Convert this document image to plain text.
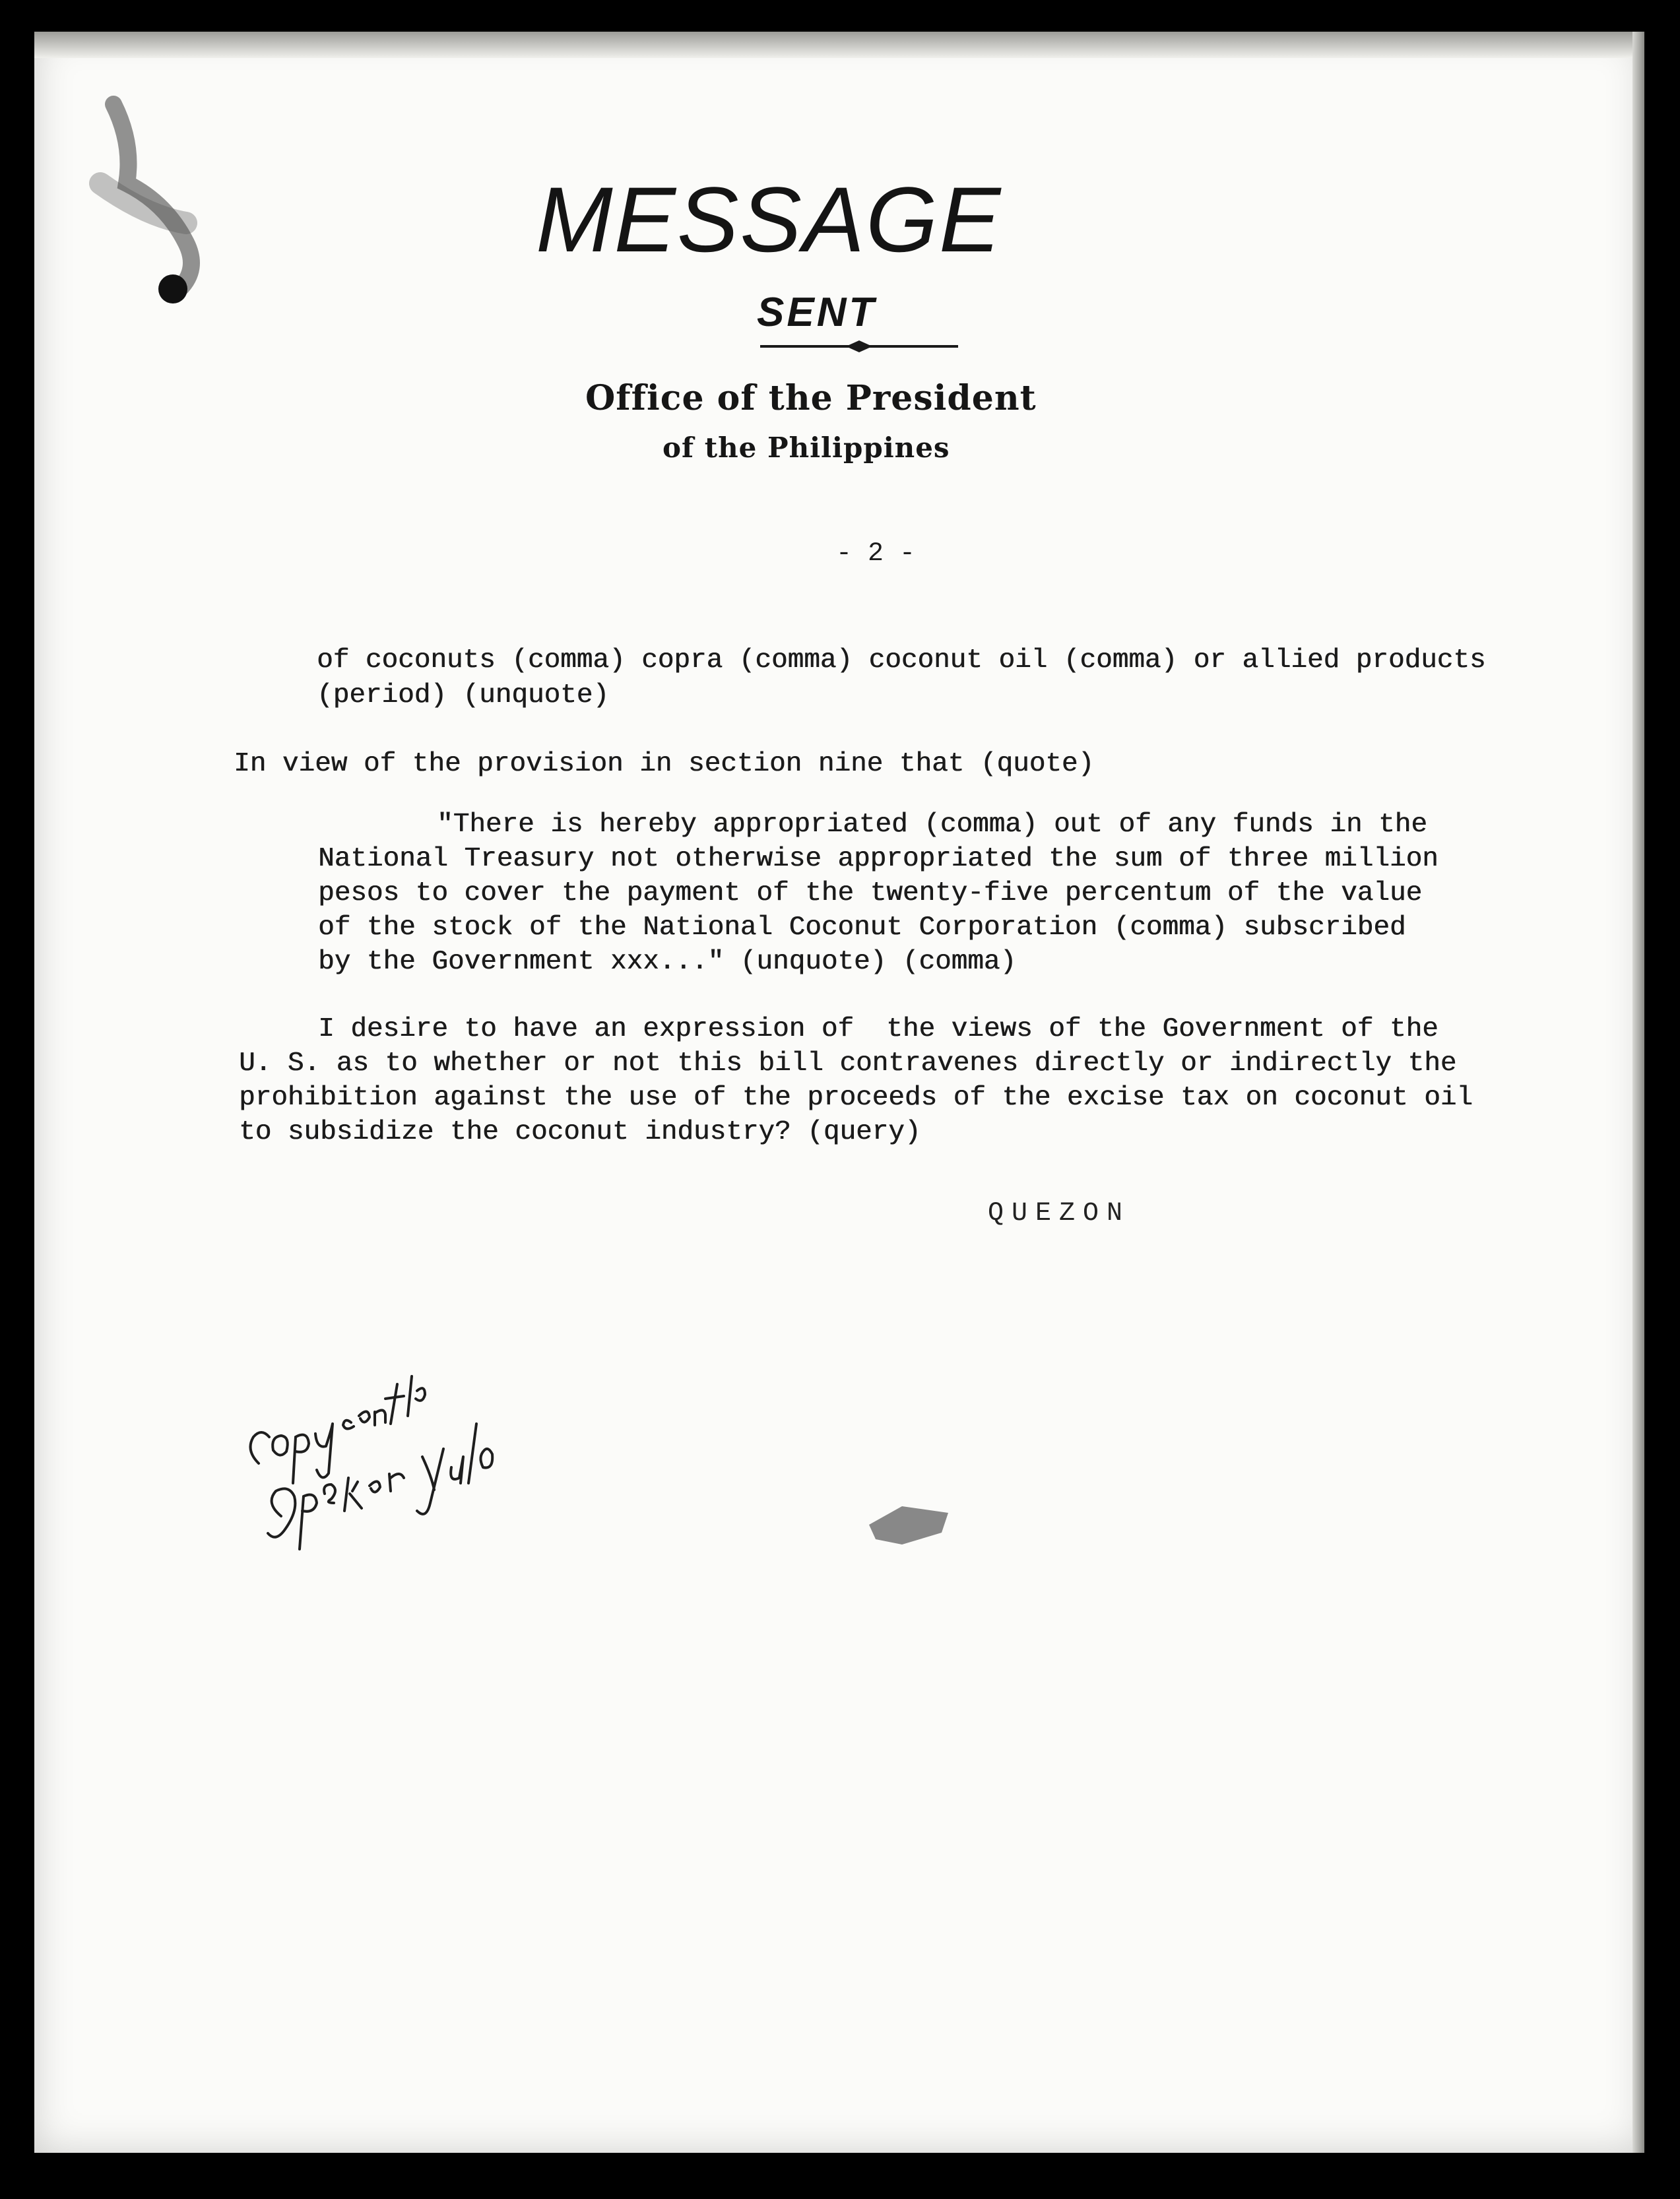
MESSAGE
SENT
Office of the President
of the Philippines
- 2 -
of coconuts (comma) copra (comma) coconut oil (comma) or allied products
(period) (unquote)
In view of the provision in section nine that (quote)
"There is hereby appropriated (comma) out of any funds in the
National Treasury not otherwise appropriated the sum of three million
pesos to cover the payment of the twenty-five percentum of the value
of the stock of the National Coconut Corporation (comma) subscribed
by the Government xxx..." (unquote) (comma)
I desire to have an expression of  the views of the Government of the
U. S. as to whether or not this bill contravenes directly or indirectly the
prohibition against the use of the proceeds of the excise tax on coconut oil
to subsidize the coconut industry? (query)
QUEZON
